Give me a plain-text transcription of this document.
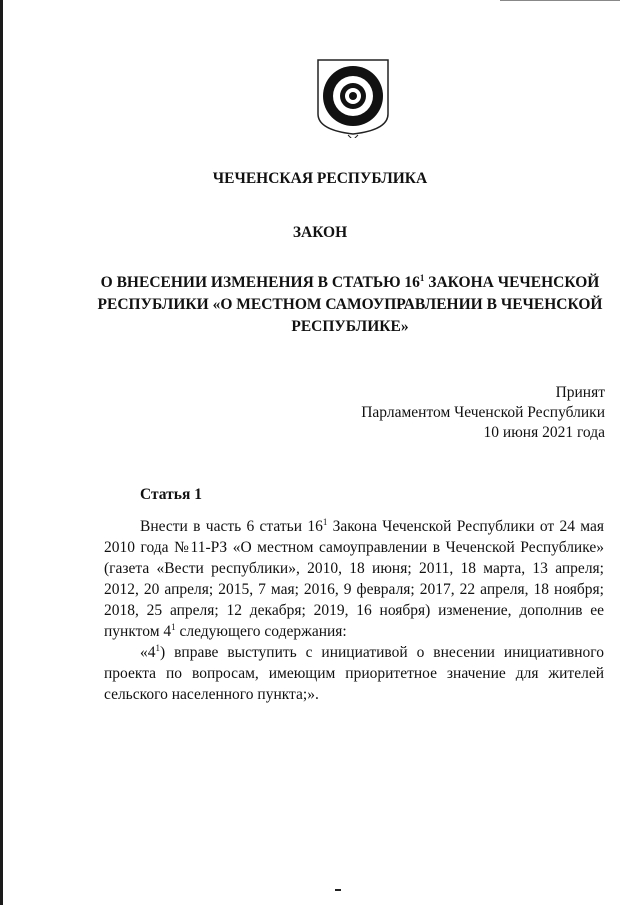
ЧЕЧЕНСКАЯ РЕСПУБЛИКА
ЗАКОН
О ВНЕСЕНИИ ИЗМЕНЕНИЯ В СТАТЬЮ $16^1$ ЗАКОНА ЧЕЧЕНСКОЙ РЕСПУБЛИКИ «О МЕСТНОМ САМОУПРАВЛЕНИИ В ЧЕЧЕНСКОЙ РЕСПУБЛИКЕ»
Принят
Парламентом Чеченской Республики
10 июня 2021 года
Статья 1

Внести в часть 6 статьи $16^1$ Закона Чеченской Республики от 24 мая 2010 года №11-РЗ «О местном самоуправлении в Чеченской Республике» (газета «Вести республики», 2010, 18 июня; 2011, 18 марта, 13 апреля; 2012, 20 апреля; 2015, 7 мая; 2016, 9 февраля; 2017, 22 апреля, 18 ноября; 2018, 25 апреля; 12 декабря; 2019, 16 ноября) изменение, дополнив ее пунктом $4^1$ следующего содержания:

«$4^1$) вправе выступить с инициативой о внесении инициативного проекта по вопросам, имеющим приоритетное значение для жителей сельского населенного пункта;».
